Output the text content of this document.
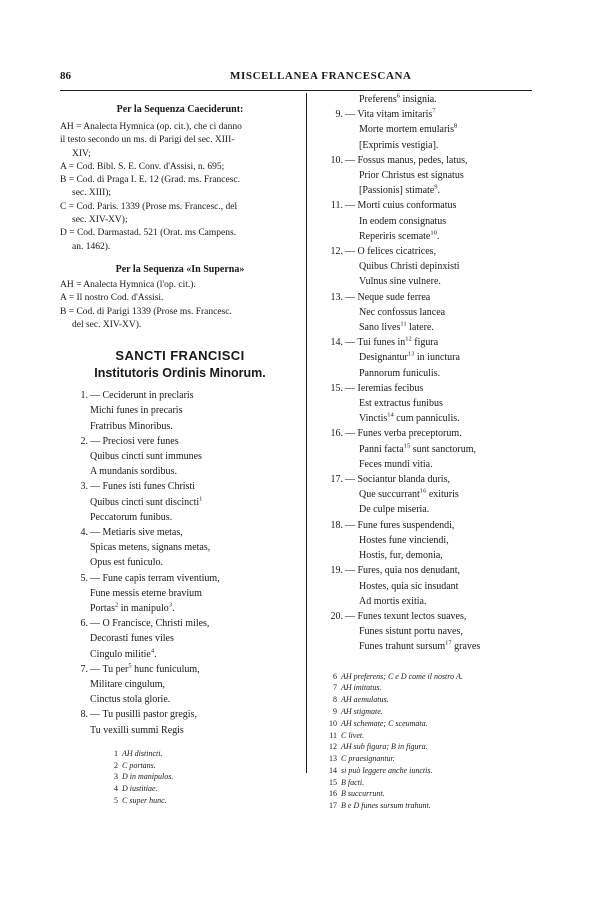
86	MISCELLANEA FRANCESCANA
Per la Sequenza Caeciderunt:
AH = Analecta Hymnica (op. cit.), che ci danno
il testo secondo un ms. di Parigi del sec. XIII-
XIV;
A = Cod. Bibl. S. E. Conv. d'Assisi, n. 695;
B = Cod. di Praga I. E. 12 (Grad. ms. Francesc.
sec. XIII);
C = Cod. Paris. 1339 (Prose ms. Francesc., del
sec. XIV-XV);
D = Cod. Darmastad. 521 (Orat. ms Campens.
an. 1462).
Per la Sequenza «In Superna»
AH = Analecta Hymnica (l'op. cit.).
A = Il nostro Cod. d'Assisi.
B = Cod. di Parigi 1339 (Prose ms. Francesc.
del sec. XIV-XV).
SANCTI FRANCISCI
Institutoris Ordinis Minorum.
1. — Ceciderunt in preclaris
Michi funes in precaris
Fratribus Minoribus.
2. — Preciosi vere funes
Quibus cincti sunt immunes
A mundanis sordibus.
3. — Funes isti funes Christi
Quibus cincti sunt discincti$^1$
Peccatorum funibus.
4. — Metiaris sive metas,
Spicas metens, signans metas,
Opus est funiculo.
5. — Fune capis terram viventium,
Fune messis eterne bravium
Portas$^2$ in manipulo$^3$.
6. — O Francisce, Christi miles,
Decorasti funes viles
Cingulo militie$^4$.
7. — Tu per$^5$ hunc funiculum,
Militare cingulum,
Cinctus stola glorie.
8. — Tu pusilli pastor gregis,
Tu vexilli summi Regis
1 AH distincti.
2 C portans.
3 D in manipulos.
4 D iustitiae.
5 C super hunc.
Preferens$^6$ insignia.
9. — Vita vitam imitaris$^7$
Morte mortem emularis$^8$
[Exprimis vestigia].
10. — Fossus manus, pedes, latus,
Prior Christus est signatus
[Passionis] stimate$^9$.
11. — Morti cuius conformatus
In eodem consignatus
Reperiris scemate$^{10}$.
12. — O felices cicatrices,
Quibus Christi depinxisti
Vulnus sine vulnere.
13. — Neque sude ferrea
Nec confossus lancea
Sano lives$^{11}$ latere.
14. — Tui funes $in^{12}$ figura
Designantur$^{13}$ in iunctura
Pannorum funiculis.
15. — Ieremias fecibus
Est extractus funibus
Vinctis$^{14}$ cum panniculis.
16. — Funes verba preceptorum.
Panni facta$^{15}$ sunt sanctorum,
Feces mundi vitia.
17. — Sociantur blanda duris,
Que succurrant$^{16}$ exituris
De culpe miseria.
18. — Fune fures suspendendi,
Hostes fune vinciendi,
Hostis, fur, demonia,
19. — Fures, quia nos denudant,
Hostes, quia sic insudant
Ad mortis exitia.
20. — Funes texunt lectos suaves,
Funes sistunt portu naves,
Funes trahunt sursum$^{17}$ graves
6 AH preferens; C e D come il nostro A.
7 AH imitatus.
8 AH aemulatus.
9 AH stigmate.
10 AH schemate; C sceumata.
11 C livet.
12 AH sub figura; B in figura.
13 C praesignantur.
14 si può leggere anche iunctis.
15 B facti.
16 B succurrunt.
17 B e D funes sursum trahunt.
